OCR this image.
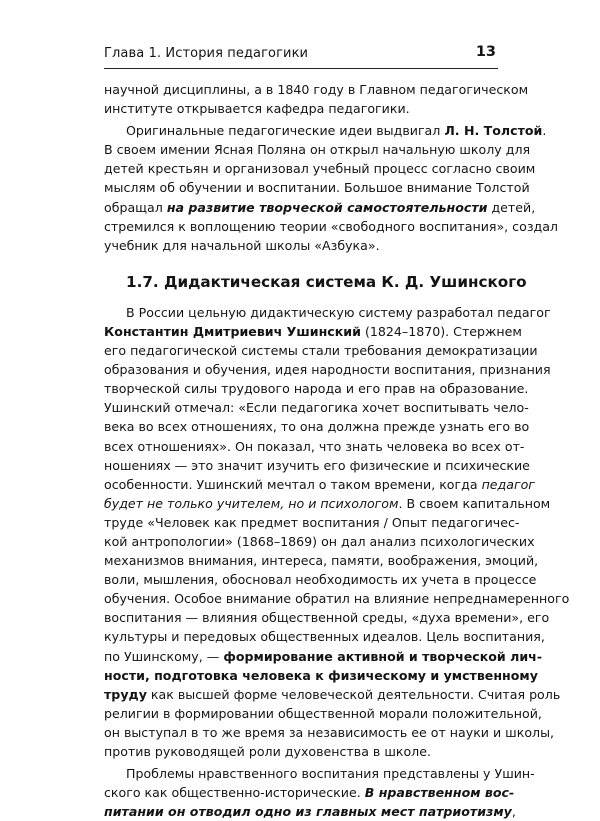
Глава 1. История педагогики	13
научной дисциплины, а в 1840 году в Главном педагогическом
институте открывается кафедра педагогики.
Оригинальные педагогические идеи выдвигал Л. Н. Толстой.
В своем имении Ясная Поляна он открыл начальную школу для
детей крестьян и организовал учебный процесс согласно своим
мыслям об обучении и воспитании. Большое внимание Толстой
обращал на развитие творческой самостоятельности детей,
стремился к воплощению теории «свободного воспитания», создал
учебник для начальной школы «Азбука».
1.7. Дидактическая система К. Д. Ушинского
В России цельную дидактическую систему разработал педагог
Константин Дмитриевич Ушинский (1824–1870). Стержнем
его педагогической системы стали требования демократизации
образования и обучения, идея народности воспитания, признания
творческой силы трудового народа и его прав на образование.
Ушинский отмечал: «Если педагогика хочет воспитывать чело-
века во всех отношениях, то она должна прежде узнать его во
всех отношениях». Он показал, что знать человека во всех от-
ношениях — это значит изучить его физические и психические
особенности. Ушинский мечтал о таком времени, когда педагог
будет не только учителем, но и психологом. В своем капитальном
труде «Человек как предмет воспитания / Опыт педагогичес-
кой антропологии» (1868–1869) он дал анализ психологических
механизмов внимания, интереса, памяти, воображения, эмоций,
воли, мышления, обосновал необходимость их учета в процессе
обучения. Особое внимание обратил на влияние непреднамеренного
воспитания — влияния общественной среды, «духа времени», его
культуры и передовых общественных идеалов. Цель воспитания,
по Ушинскому, — формирование активной и творческой лич-
ности, подготовка человека к физическому и умственному
труду как высшей форме человеческой деятельности. Считая роль
религии в формировании общественной морали положительной,
он выступал в то же время за независимость ее от науки и школы,
против руководящей роли духовенства в школе.
Проблемы нравственного воспитания представлены у Ушин-
ского как общественно-исторические. В нравственном вос-
питании он отводил одно из главных мест патриотизму,
